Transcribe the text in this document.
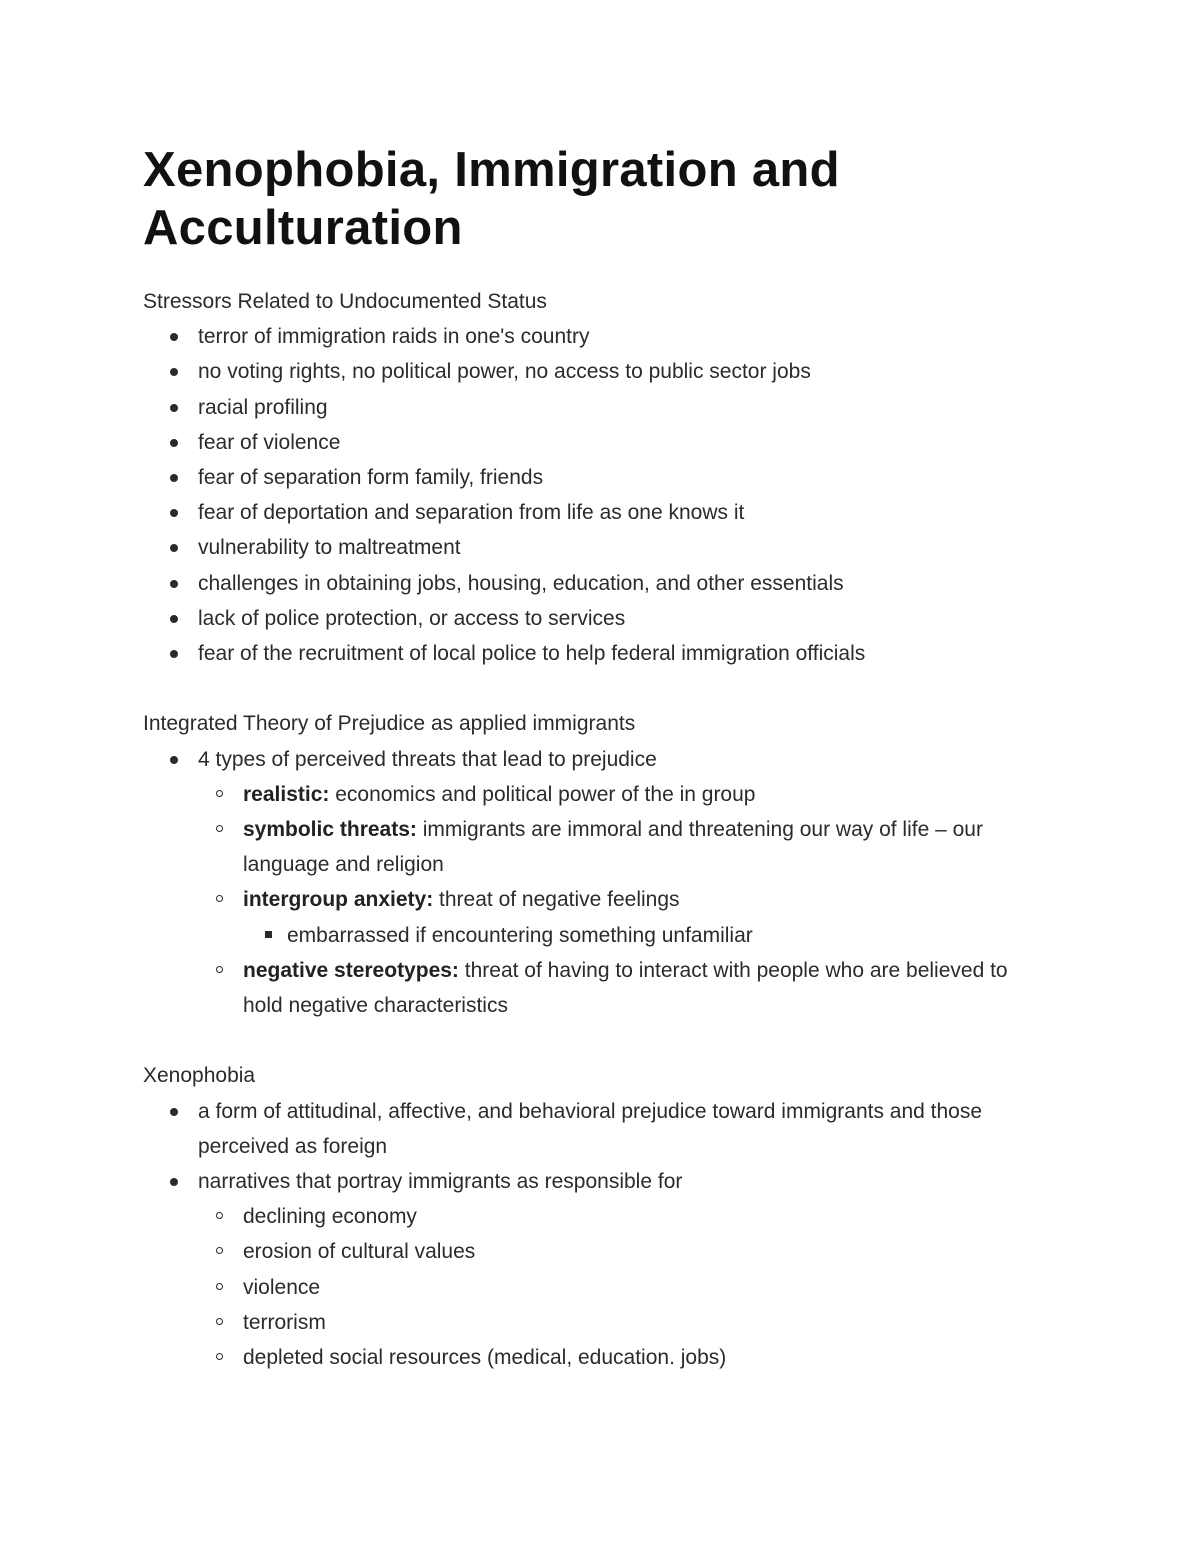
Xenophobia, Immigration and Acculturation

Stressors Related to Undocumented Status

terror of immigration raids in one's country
no voting rights, no political power, no access to public sector jobs
racial profiling
fear of violence
fear of separation form family, friends
fear of deportation and separation from life as one knows it
vulnerability to maltreatment
challenges in obtaining jobs, housing, education, and other essentials
lack of police protection, or access to services
fear of the recruitment of local police to help federal immigration officials

Integrated Theory of Prejudice as applied immigrants

4 types of perceived threats that lead to prejudice
realistic: economics and political power of the in group
symbolic threats: immigrants are immoral and threatening our way of life – our language and religion
intergroup anxiety: threat of negative feelings
embarrassed if encountering something unfamiliar
negative stereotypes: threat of having to interact with people who are believed to hold negative characteristics

Xenophobia

a form of attitudinal, affective, and behavioral prejudice toward immigrants and those perceived as foreign
narratives that portray immigrants as responsible for
declining economy
erosion of cultural values
violence
terrorism
depleted social resources (medical, education. jobs)
